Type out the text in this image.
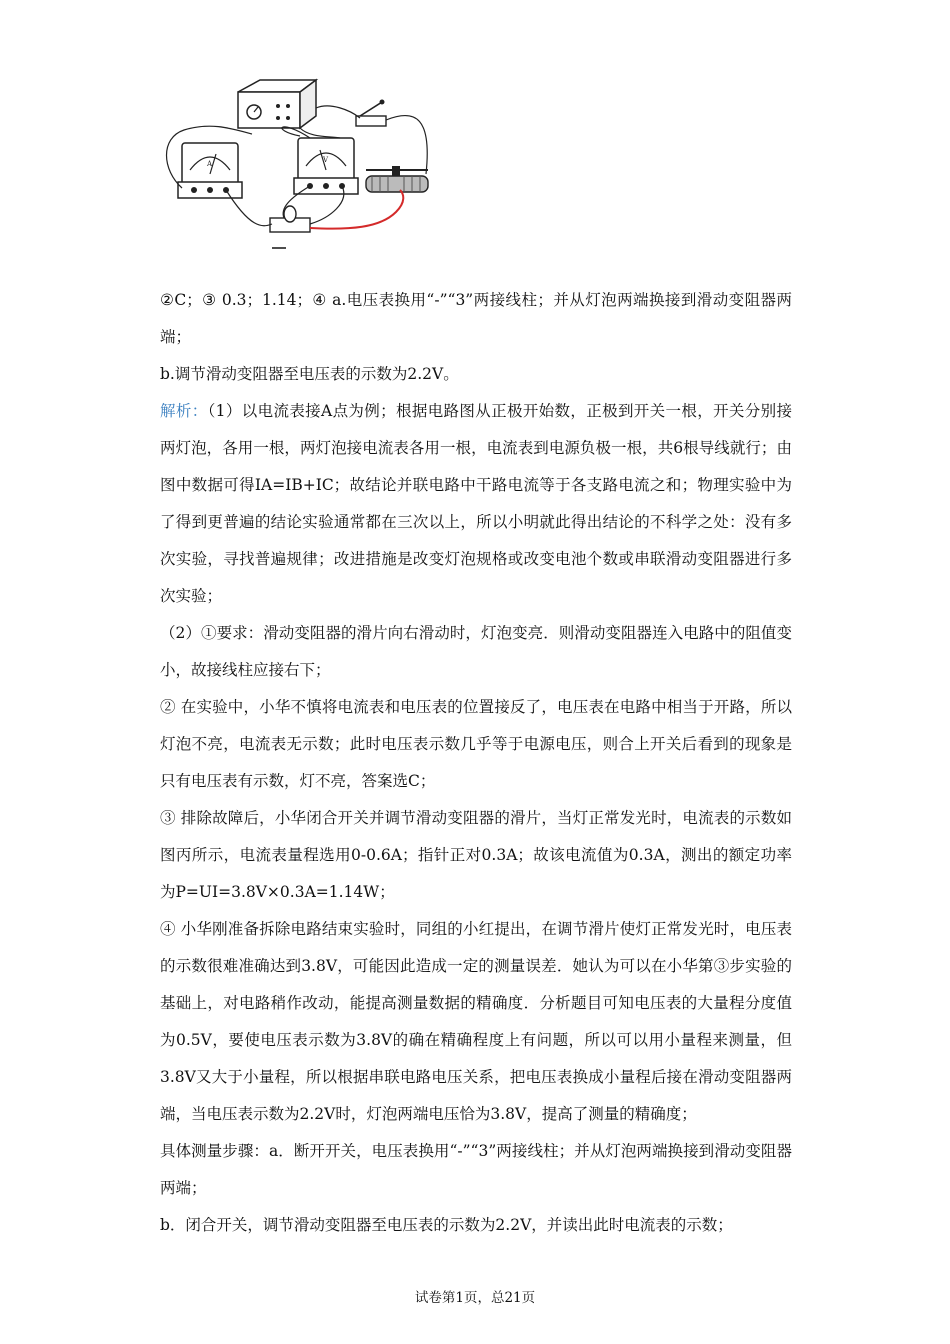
A	V

②C；③ 0.3；1.14；④ a.电压表换用“-”“3”两接线柱；并从灯泡两端换接到滑动变阻器两端；

b.调节滑动变阻器至电压表的示数为2.2V。

解析：（1）以电流表接A点为例；根据电路图从正极开始数，正极到开关一根，开关分别接两灯泡，各用一根，两灯泡接电流表各用一根，电流表到电源负极一根，共6根导线就行；由图中数据可得IA=IB+IC；故结论并联电路中干路电流等于各支路电流之和；物理实验中为了得到更普遍的结论实验通常都在三次以上，所以小明就此得出结论的不科学之处：没有多次实验，寻找普遍规律；改进措施是改变灯泡规格或改变电池个数或串联滑动变阻器进行多次实验；

（2）①要求：滑动变阻器的滑片向右滑动时，灯泡变亮．则滑动变阻器连入电路中的阻值变小，故接线柱应接右下；

② 在实验中，小华不慎将电流表和电压表的位置接反了，电压表在电路中相当于开路，所以灯泡不亮，电流表无示数；此时电压表示数几乎等于电源电压，则合上开关后看到的现象是只有电压表有示数，灯不亮，答案选C；

③ 排除故障后，小华闭合开关并调节滑动变阻器的滑片，当灯正常发光时，电流表的示数如图丙所示，电流表量程选用0-0.6A；指针正对0.3A；故该电流值为0.3A，测出的额定功率为P=UI=3.8V×0.3A=1.14W；

④ 小华刚准备拆除电路结束实验时，同组的小红提出，在调节滑片使灯正常发光时，电压表的示数很难准确达到3.8V，可能因此造成一定的测量误差．她认为可以在小华第③步实验的基础上，对电路稍作改动，能提高测量数据的精确度．分析题目可知电压表的大量程分度值为0.5V，要使电压表示数为3.8V的确在精确程度上有问题，所以可以用小量程来测量，但3.8V又大于小量程，所以根据串联电路电压关系，把电压表换成小量程后接在滑动变阻器两端，当电压表示数为2.2V时，灯泡两端电压恰为3.8V，提高了测量的精确度；

具体测量步骤：a．断开开关，电压表换用“-”“3”两接线柱；并从灯泡两端换接到滑动变阻器两端；

b．闭合开关，调节滑动变阻器至电压表的示数为2.2V，并读出此时电流表的示数；

试卷第1页，总21页
